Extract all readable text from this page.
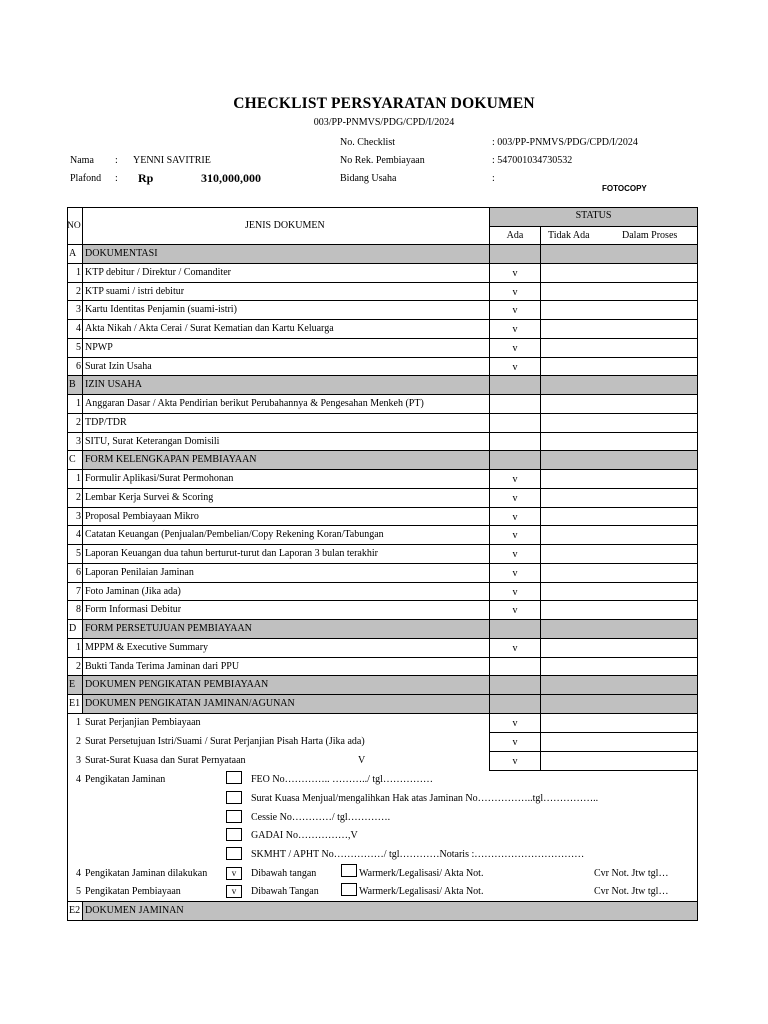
CHECKLIST PERSYARATAN DOKUMEN
003/PP-PNMVS/PDG/CPD/I/2024
No. Checklist	: 003/PP-PNMVS/PDG/CPD/I/2024
Nama : YENNI SAVITRIE	No Rek. Pembiayaan	: 547001034730532
Plafond : Rp	310,000,000	Bidang Usaha	:
FOTOCOPY
NO	JENIS DOKUMEN
STATUS
Ada	Tidak Ada	Dalam Proses
A DOKUMENTASI
1 KTP debitur / Direktur / Comanditer	v
2 KTP suami / istri debitur	v
3 Kartu Identitas Penjamin (suami-istri)	v
4 Akta Nikah / Akta Cerai / Surat Kematian dan Kartu Keluarga	v
5 NPWP	v
6 Surat Izin Usaha	v
B IZIN USAHA
1 Anggaran Dasar / Akta Pendirian berikut Perubahannya & Pengesahan Menkeh (PT)
2 TDP/TDR
3 SITU, Surat Keterangan Domisili
C FORM KELENGKAPAN PEMBIAYAAN
1 Formulir Aplikasi/Surat Permohonan	v
2 Lembar Kerja Survei & Scoring	v
3 Proposal Pembiayaan Mikro	v
4 Catatan Keuangan (Penjualan/Pembelian/Copy Rekening Koran/Tabungan	v
5 Laporan Keuangan dua tahun berturut-turut dan Laporan 3 bulan terakhir	v
6 Laporan Penilaian Jaminan	v
7 Foto Jaminan (Jika ada)	v
8 Form Informasi Debitur	v
D FORM PERSETUJUAN PEMBIAYAAN
1 MPPM & Executive Summary	v
2 Bukti Tanda Terima Jaminan dari PPU
E DOKUMEN PENGIKATAN PEMBIAYAAN
E1 DOKUMEN PENGIKATAN JAMINAN/AGUNAN
1 Surat Perjanjian Pembiayaan	v
2 Surat Persetujuan Istri/Suami / Surat Perjanjian Pisah Harta (Jika ada)	v
3 Surat-Surat Kuasa dan Surat Pernyataan	V	v
4 Pengikatan Jaminan	FEO No………….. ………../ tgl……………
Surat Kuasa Menjual/mengalihkan Hak atas Jaminan No……………..tgl……………..
Cessie No…………/ tgl………….
GADAI No……………,V
SKMHT / APHT No……………/ tgl…………Notaris :……………………………
4 Pengikatan Jaminan dilakukan	v	Dibawah tangan	Warmerk/Legalisasi/ Akta Not.	Cvr Not. Jtw tgl…
5 Pengikatan Pembiayaan	v	Dibawah Tangan	Warmerk/Legalisasi/ Akta Not.	Cvr Not. Jtw tgl…
E2 DOKUMEN JAMINAN
